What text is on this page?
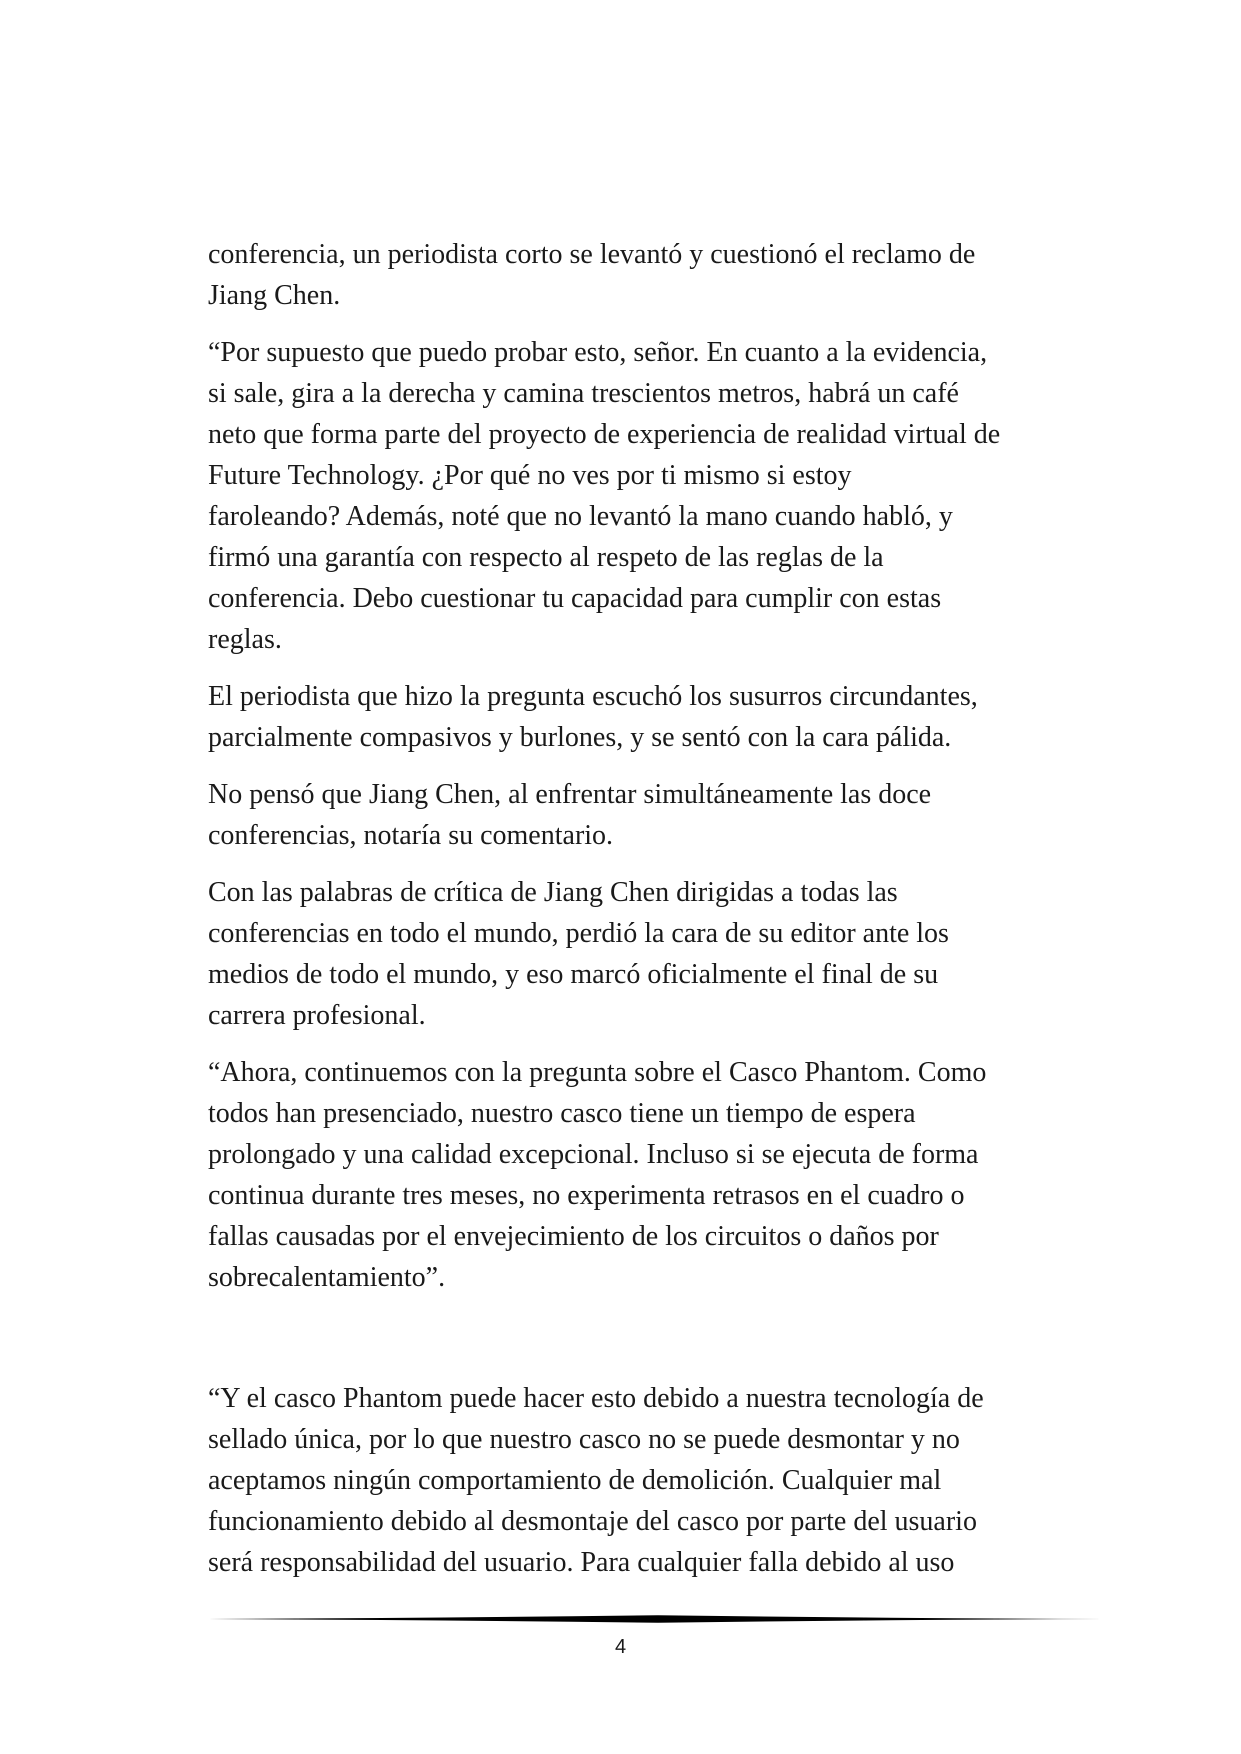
conferencia, un periodista corto se levantó y cuestionó el reclamo de
Jiang Chen.

“Por supuesto que puedo probar esto, señor. En cuanto a la evidencia,
si sale, gira a la derecha y camina trescientos metros, habrá un café
neto que forma parte del proyecto de experiencia de realidad virtual de
Future Technology. ¿Por qué no ves por ti mismo si estoy
faroleando? Además, noté que no levantó la mano cuando habló, y
firmó una garantía con respecto al respeto de las reglas de la
conferencia. Debo cuestionar tu capacidad para cumplir con estas
reglas.

El periodista que hizo la pregunta escuchó los susurros circundantes,
parcialmente compasivos y burlones, y se sentó con la cara pálida.

No pensó que Jiang Chen, al enfrentar simultáneamente las doce
conferencias, notaría su comentario.

Con las palabras de crítica de Jiang Chen dirigidas a todas las
conferencias en todo el mundo, perdió la cara de su editor ante los
medios de todo el mundo, y eso marcó oficialmente el final de su
carrera profesional.

“Ahora, continuemos con la pregunta sobre el Casco Phantom. Como
todos han presenciado, nuestro casco tiene un tiempo de espera
prolongado y una calidad excepcional. Incluso si se ejecuta de forma
continua durante tres meses, no experimenta retrasos en el cuadro o
fallas causadas por el envejecimiento de los circuitos o daños por
sobrecalentamiento”.

“Y el casco Phantom puede hacer esto debido a nuestra tecnología de
sellado única, por lo que nuestro casco no se puede desmontar y no
aceptamos ningún comportamiento de demolición. Cualquier mal
funcionamiento debido al desmontaje del casco por parte del usuario
será responsabilidad del usuario. Para cualquier falla debido al uso

4
